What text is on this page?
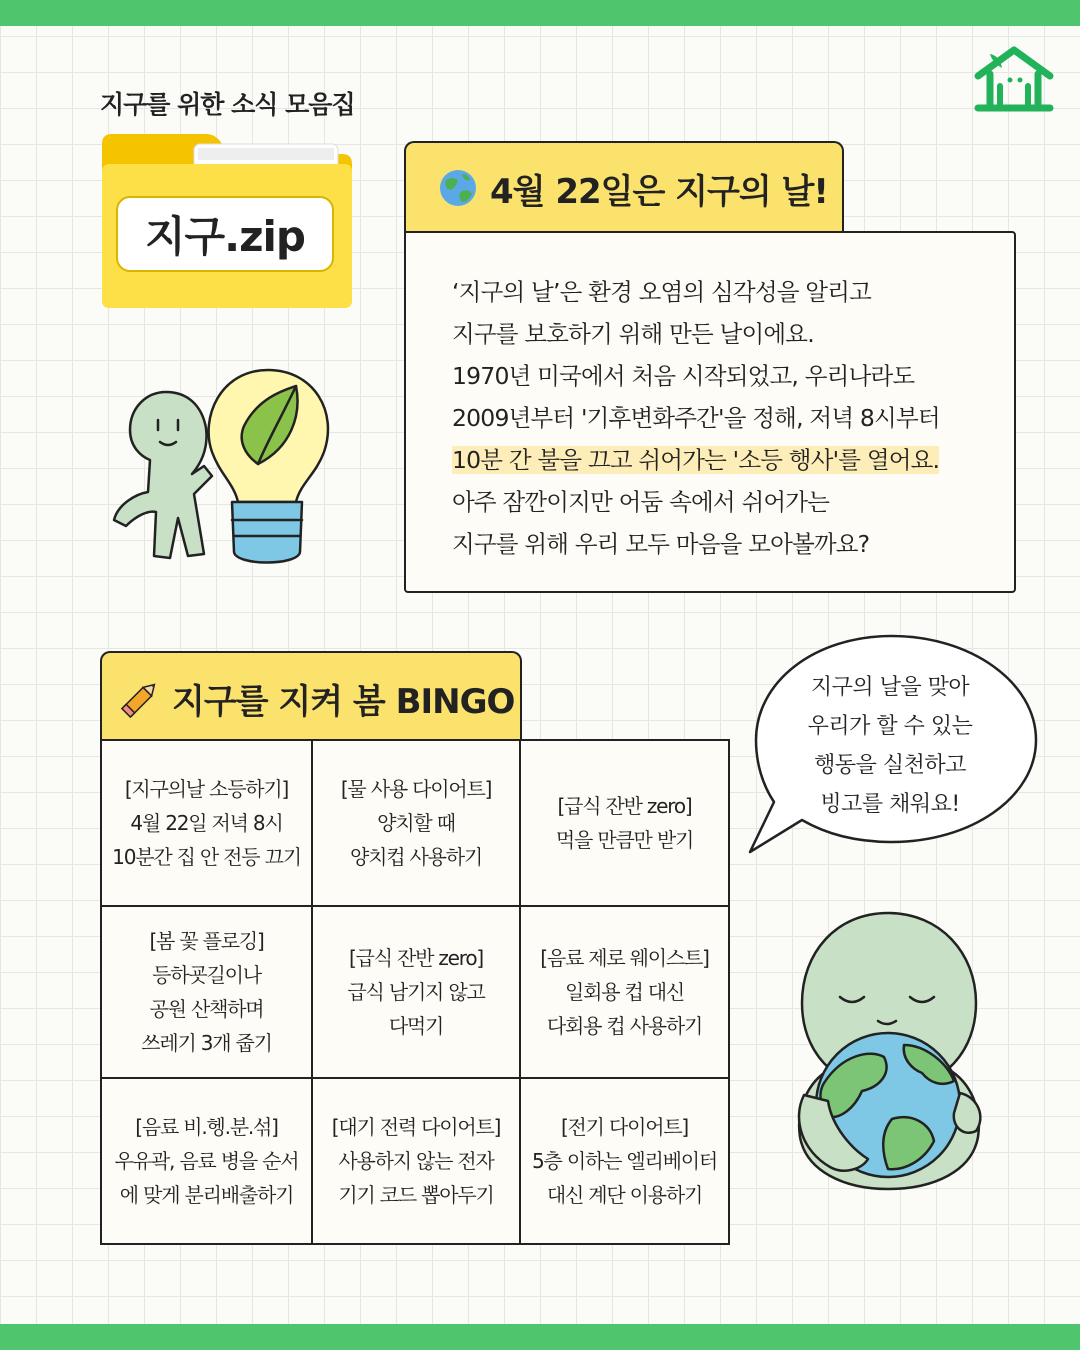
지구를 위한 소식 모음집
지구.zip
4월 22일은 지구의 날!
‘지구의 날’은 환경 오염의 심각성을 알리고
지구를 보호하기 위해 만든 날이에요.
1970년 미국에서 처음 시작되었고, 우리나라도
2009년부터 '기후변화주간'을 정해, 저녁 8시부터
10분 간 불을 끄고 쉬어가는 '소등 행사'를 열어요.
아주 잠깐이지만 어둠 속에서 쉬어가는
지구를 위해 우리 모두 마음을 모아볼까요?
지구를 지켜 봄 BINGO
[지구의날 소등하기]
4월 22일 저녁 8시
10분간 집 안 전등 끄기
[물 사용 다이어트]
양치할 때
양치컵 사용하기
[급식 잔반 zero]
먹을 만큼만 받기
[봄 꽃 플로깅]
등하굣길이나
공원 산책하며
쓰레기 3개 줍기
[급식 잔반 zero]
급식 남기지 않고
다먹기
[음료 제로 웨이스트]
일회용 컵 대신
다회용 컵 사용하기
[음료 비.헹.분.섞]
우유곽, 음료 병을 순서
에 맞게 분리배출하기
[대기 전력 다이어트]
사용하지 않는 전자
기기 코드 뽑아두기
[전기 다이어트]
5층 이하는 엘리베이터
대신 계단 이용하기
지구의 날을 맞아
우리가 할 수 있는
행동을 실천하고
빙고를 채워요!
